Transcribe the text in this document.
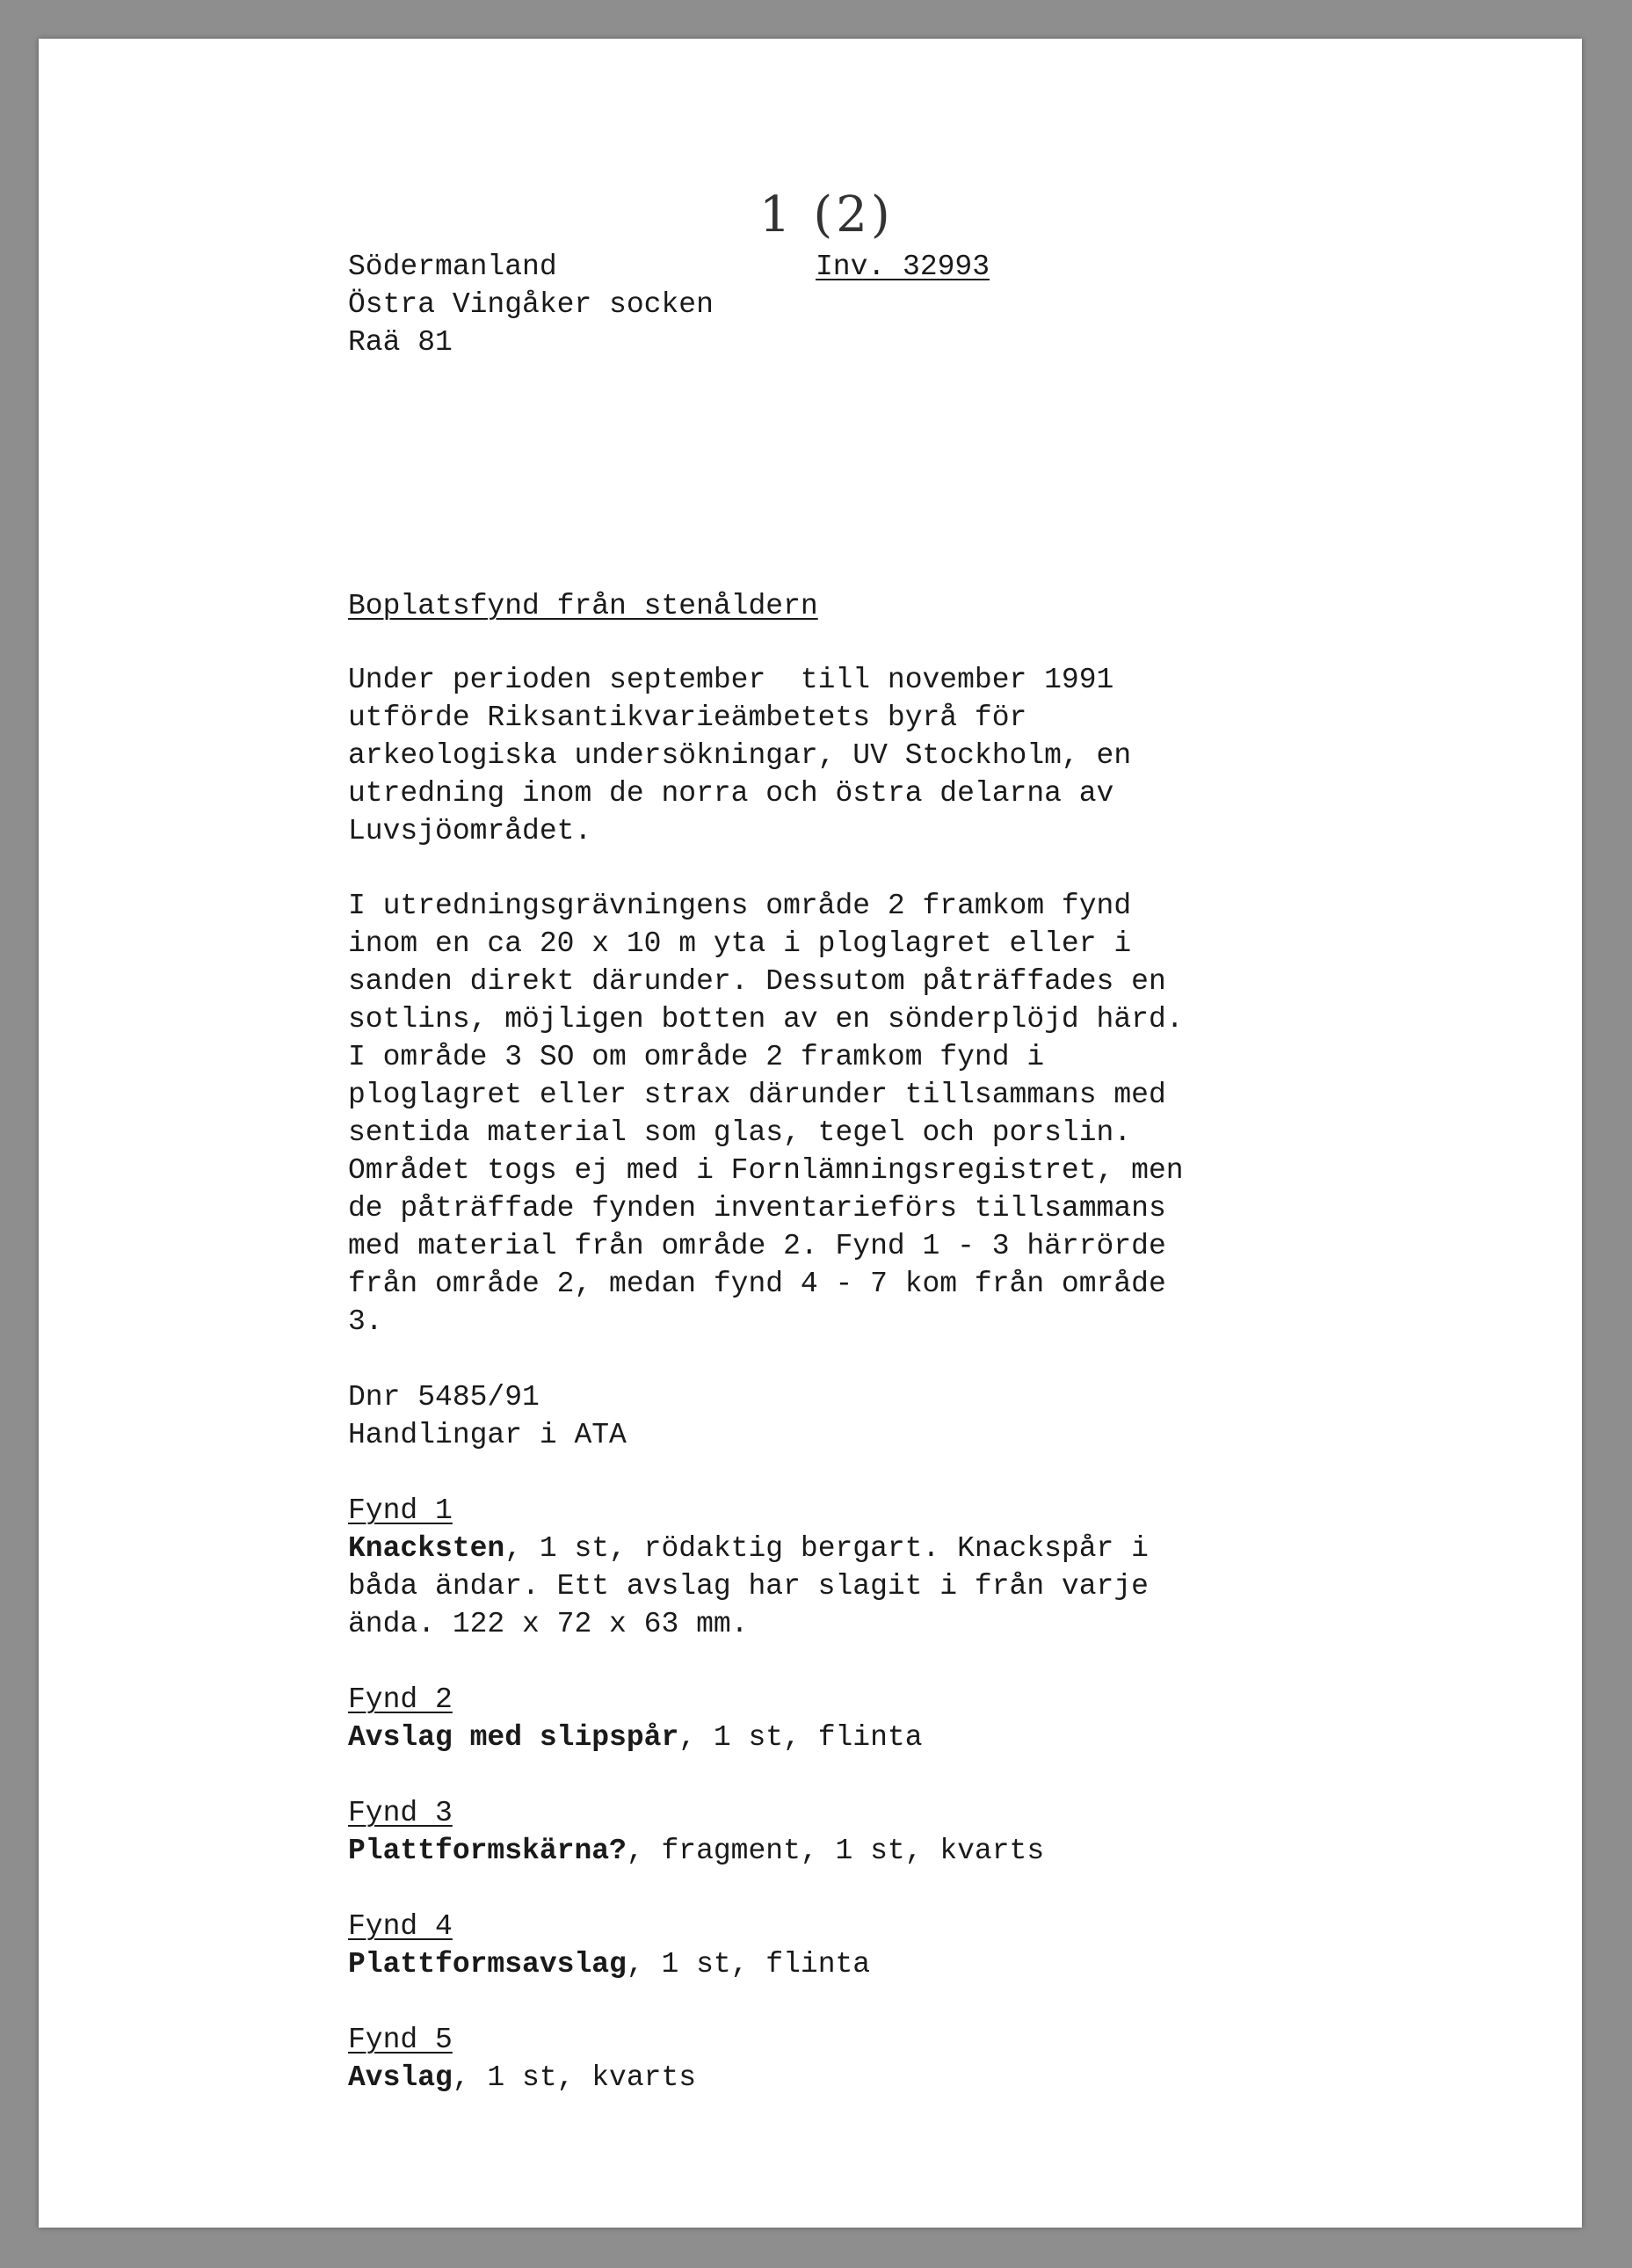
1 (2)
Södermanland	Inv. 32993
Östra Vingåker socken
Raä 81
Boplatsfynd från stenåldern
Under perioden september  till november 1991
utförde Riksantikvarieämbetets byrå för
arkeologiska undersökningar, UV Stockholm, en
utredning inom de norra och östra delarna av
Luvsjöområdet.
I utredningsgrävningens område 2 framkom fynd
inom en ca 20 x 10 m yta i ploglagret eller i
sanden direkt därunder. Dessutom påträffades en
sotlins, möjligen botten av en sönderplöjd härd.
I område 3 SO om område 2 framkom fynd i
ploglagret eller strax därunder tillsammans med
sentida material som glas, tegel och porslin.
Området togs ej med i Fornlämningsregistret, men
de påträffade fynden inventarieförs tillsammans
med material från område 2. Fynd 1 - 3 härrörde
från område 2, medan fynd 4 - 7 kom från område
3.
Dnr 5485/91
Handlingar i ATA
Fynd 1
Knacksten, 1 st, rödaktig bergart. Knackspår i
båda ändar. Ett avslag har slagit i från varje
ända. 122 x 72 x 63 mm.
Fynd 2
Avslag med slipspår, 1 st, flinta
Fynd 3
Plattformskärna?, fragment, 1 st, kvarts
Fynd 4
Plattformsavslag, 1 st, flinta
Fynd 5
Avslag, 1 st, kvarts
